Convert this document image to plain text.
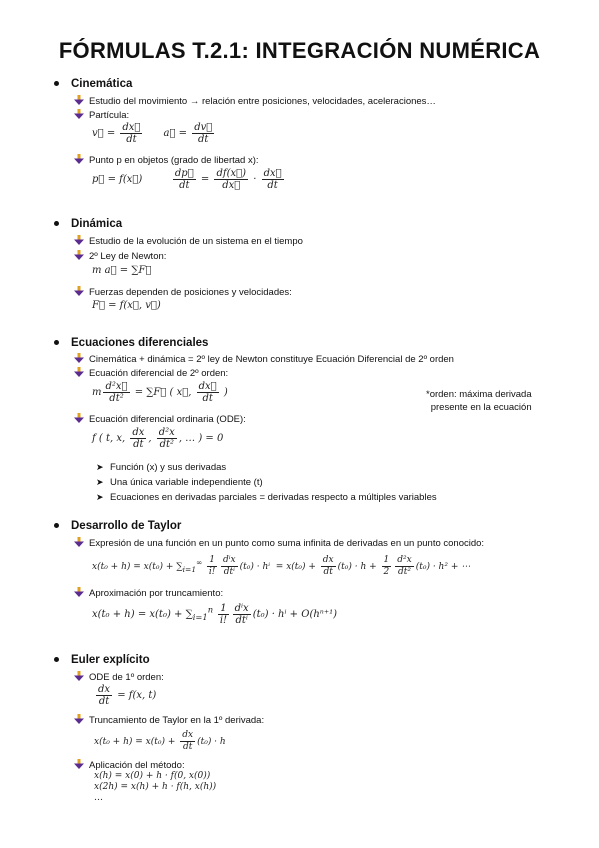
FÓRMULAS T.2.1: INTEGRACIÓN NUMÉRICA
Cinemática
Estudio del movimiento → relación entre posiciones, velocidades, aceleraciones…
Partícula:
v⃗ = $\frac{dx⃗}{dt}$ a⃗ = $\frac{dv⃗}{dt}$
Punto p en objetos (grado de libertad x):
p⃗ = f(x⃗) $\frac{dp⃗}{dt} = \frac{df(x⃗)}{dx⃗} \cdot \frac{dx⃗}{dt}$
Dinámica
Estudio de la evolución de un sistema en el tiempo
2º Ley de Newton:
m a⃗ = ∑F⃗
Fuerzas dependen de posiciones y velocidades:
F⃗ = f(x⃗, v⃗)
Ecuaciones diferenciales
Cinemática + dinámica = 2º ley de Newton constituye Ecuación Diferencial de 2º orden
Ecuación diferencial de 2º orden:
m $\frac{\text{d²x⃗}}{\text{dt²}}$ = ∑F⃗ ( x⃗, $\frac{dx⃗}{dt}$ )	*orden: máxima derivada
presente en la ecuación
Ecuación diferencial ordinaria (ODE):
f ( t, x, $\frac{dx}{dt}$ , $\frac{\text{d²x}}{\text{dt²}}$ , … ) = 0
➤ Función (x) y sus derivadas
➤ Una única variable independiente (t)
➤ Ecuaciones en derivadas parciales = derivadas respecto a múltiples variables
Desarrollo de Taylor
Expresión de una función en un punto como suma infinita de derivadas en un punto conocido:
$x(t_0 + h) = x(t_0) + \sum_{i=1}^\infty \frac{1}{i!} \frac{\text{dⁱx}}{\text{dtⁱ}} (t_0) \cdot h^i = x(t_0) + \frac{dx}{dt} (t_0) \cdot h + \frac{1}{2} \frac{\text{d²x}}{\text{dt²}} (t_0) \cdot h^2$ + ⋯
Aproximación por truncamiento:
$x(t_0 + h) = x(t_0) + \sum_{i=1}^n \frac{1}{i!} \frac{\text{dⁱx}}{\text{dtⁱ}} (t_0) \cdot h^i + O(h^{n+1})$
Euler explícito
ODE de 1º orden:
$\frac{dx}{dt} = f(x$, t)
Truncamiento de Taylor en la 1º derivada:
$x(t_0 + h) = x(t_0) + \frac{dx}{dt} (t_0) \cdot h$
Aplicación del método:
x(h) = x(0) + h · f(0, x(0))
x(2h) = x(h) + h · f(h, x(h))
…
